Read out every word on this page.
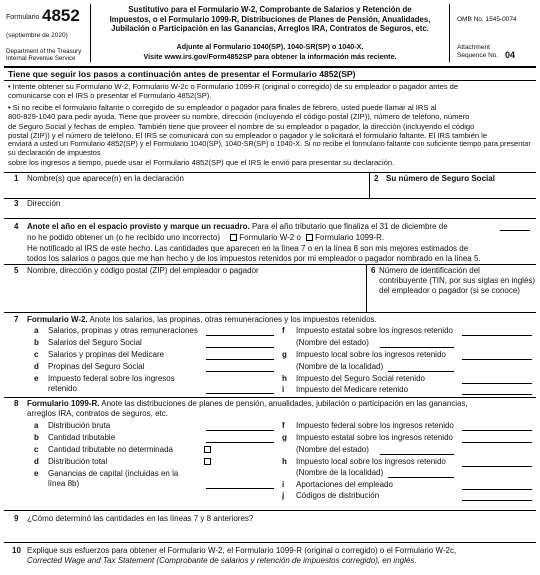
Formulario 4852
(septiembre de 2020)
Department of the Treasury
Internal Revenue Service
Sustitutivo para el Formulario W-2, Comprobante de Salarios y Retención de
Impuestos, o el Formulario 1099-R, Distribuciones de Planes de Pensión, Anualidades,
Jubilación o Participación en las Ganancias, Arreglos IRA, Contratos de Seguros, etc.
Adjunte al Formulario 1040(SP), 1040-SR(SP) o 1040-X.
Visite www.irs.gov/Form4852SP para obtener la información más reciente.
OMB No. 1545-0074
Attachment
Sequence No. 04
Tiene que seguir los pasos a continuación antes de presentar el Formulario 4852(SP)
• Intente obtener su Formulario W-2, Formulario W-2c o Formulario 1099-R (original o corregido) de su empleador o pagador antes de
comunicarse con el IRS o presentar el Formulario 4852(SP).
• Si no recibe el formulario faltante o corregido de su empleador o pagador para finales de febrero, usted puede llamar al IRS al
800-829-1040 para pedir ayuda. Tiene que proveer su nombre, dirección (incluyendo el código postal (ZIP)), número de teléfono, número
de Seguro Social y fechas de empleo. También tiene que proveer el nombre de su empleador o pagador, la dirección (incluyendo el código
postal (ZIP)) y el número de teléfono. El IRS se comunicará con su empleador o pagador y le solicitará el formulario faltante. El IRS también le
enviará a usted un Formulario 4852(SP) y el Formulario 1040(SP), 1040-SR(SP) o 1040-X. Si no recibe el formulario faltante con suficiente tiempo para presentar su declaración de impuestos
sobre los ingresos a tiempo, puede usar el Formulario 4852(SP) que el IRS le envió para presentar su declaración.
1 Nombre(s) que aparece(n) en la declaración	2 Su número de Seguro Social
3 Dirección
4 Anote el año en el espacio provisto y marque un recuadro. Para el año tributario que finaliza el 31 de diciembre de
no he podido obtener un (o he recibido uno incorrecto) Formulario W-2 o Formulario 1099-R.
He notificado al IRS de este hecho. Las cantidades que aparecen en la línea 7 o en la línea 8 son mis mejores estimados de
todos los salarios o pagos que me han hecho y de los impuestos retenidos por mi empleador o pagador nombrado en la línea 5.
5 Nombre, dirección y código postal (ZIP) del empleador o pagador	6 Número de identificación del
contribuyente (TIN, por sus siglas en inglés)
del empleador o pagador (si se conoce)
7 Formulario W-2. Anote los salarios, las propinas, otras remuneraciones y los impuestos retenidos.
a Salarios, propinas y otras remuneraciones
b Salarios del Seguro Social
c Salarios y propinas del Medicare
d Propinas del Seguro Social
e Impuesto federal sobre los ingresos
retenido
f Impuesto estatal sobre los ingresos retenido
(Nombre del estado)
g Impuesto local sobre los ingresos retenido
(Nombre de la localidad)
h Impuesto del Seguro Social retenido
i Impuesto del Medicare retenido
8 Formulario 1099-R. Anote las distribuciones de planes de pensión, anualidades, jubilación o participación en las ganancias,
arreglos IRA, contratos de seguros, etc.
a Distribución bruta
b Cantidad tributable
c Cantidad tributable no determinada
d Distribución total
e Ganancias de capital (incluidas en la
línea 8b)
f Impuesto federal sobre los ingresos retenido
g Impuesto estatal sobre los ingresos retenido
(Nombre del estado)
h Impuesto local sobre los ingresos retenido
(Nombre de la localidad)
i Aportaciones del empleado
j Códigos de distribución
9 ¿Cómo determinó las cantidades en las líneas 7 y 8 anteriores?
10 Explique sus esfuerzos para obtener el Formulario W-2, el Formulario 1099-R (original o corregido) o el Formulario W-2c,
Corrected Wage and Tax Statement (Comprobante de salarios y retención de impuestos corregido), en inglés.
